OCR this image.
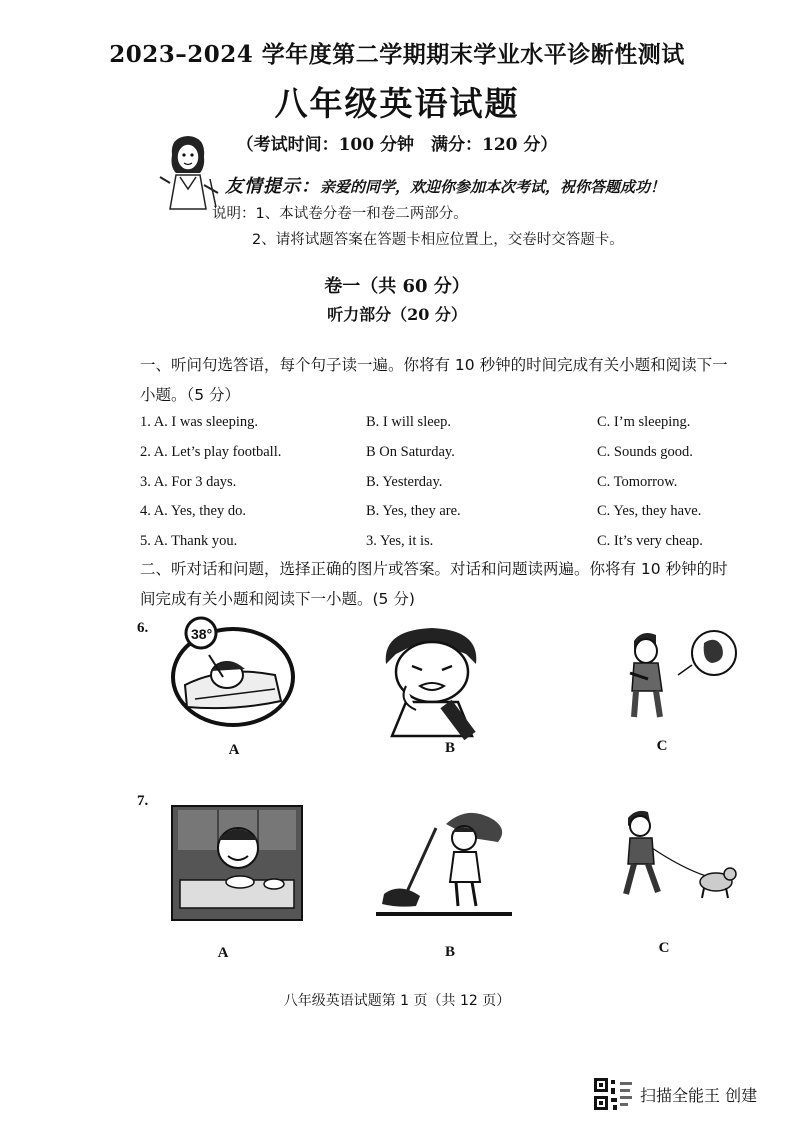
2023–2024 学年度第二学期期末学业水平诊断性测试
八年级英语试题
（考试时间：100 分钟　满分：120 分）
友情提示：亲爱的同学，欢迎你参加本次考试，祝你答题成功！
说明：1、本试卷分卷一和卷二两部分。
2、请将试题答案在答题卡相应位置上，交卷时交答题卡。
卷一（共 60 分）
听力部分（20 分）
一、听问句选答语，每个句子读一遍。你将有 10 秒钟的时间完成有关小题和阅读下一小题。（5 分）
1. A. I was sleeping.	B. I will sleep.	C. I’m sleeping.
2. A. Let’s play football.	B On Saturday.	C. Sounds good.
3. A. For 3 days.	B. Yesterday.	C. Tomorrow.
4. A. Yes, they do.	B. Yes, they are.	C. Yes, they have.
5. A. Thank you.	3. Yes, it is.	C. It’s very cheap.
二、听对话和问题，选择正确的图片或答案。对话和问题读两遍。你将有 10 秒钟的时间完成有关小题和阅读下一小题。(5 分)
6.	38°
A	B	C
7.
A	B	C
八年级英语试题第 1 页（共 12 页）
扫描全能王 创建
